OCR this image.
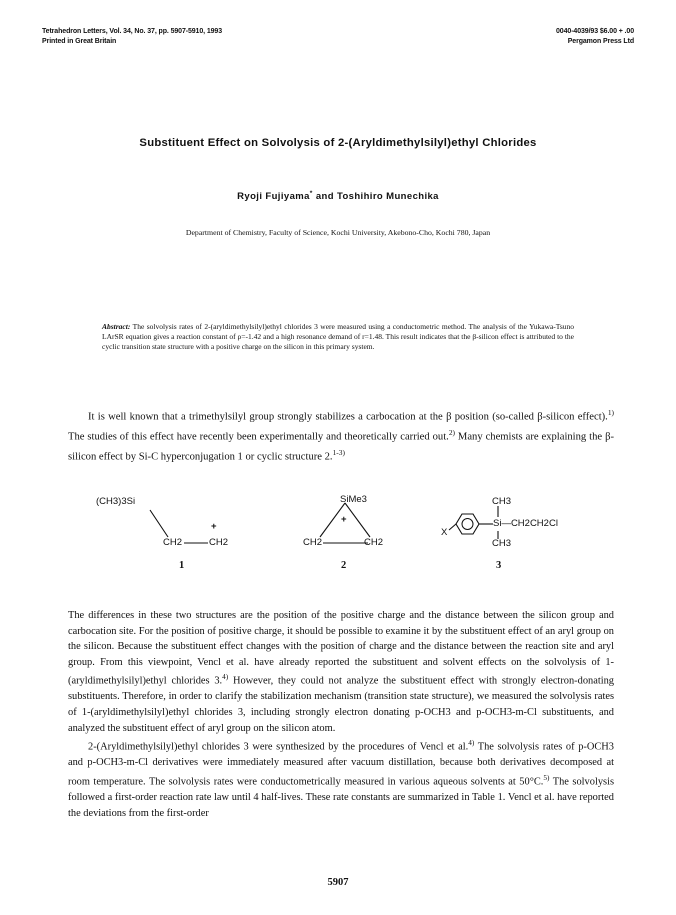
Tetrahedron Letters, Vol. 34, No. 37, pp. 5907-5910, 1993
Printed in Great Britain
0040-4039/93 $6.00 + .00
Pergamon Press Ltd
Substituent Effect on Solvolysis of 2-(Aryldimethylsilyl)ethyl Chlorides
Ryoji Fujiyama* and Toshihiro Munechika
Department of Chemistry, Faculty of Science, Kochi University, Akebono-Cho, Kochi 780, Japan
Abstract: The solvolysis rates of 2-(aryldimethylsilyl)ethyl chlorides 3 were measured using a conductometric method. The analysis of the Yukawa-Tsuno LArSR equation gives a reaction constant of ρ=-1.42 and a high resonance demand of r=1.48. This result indicates that the β-silicon effect is attributed to the cyclic transition state structure with a positive charge on the silicon in this primary system.

It is well known that a trimethylsilyl group strongly stabilizes a carbocation at the β position (so-called β-silicon effect).$^{1)}$ The studies of this effect have recently been experimentally and theoretically carried out.$^{2)}$ Many chemists are explaining the β-silicon effect by Si-C hyperconjugation 1 or cyclic structure 2.$^{1-3)}$

(CH3)3Si
+
CH2	CH2
1
SiMe3
+
CH2	CH2
2
CH3
Si—CH2CH2Cl
CH3
X
3

The differences in these two structures are the position of the positive charge and the distance between the silicon group and carbocation site. For the position of positive charge, it should be possible to examine it by the substituent effect of an aryl group on the silicon. Because the substituent effect changes with the position of charge and the distance between the reaction site and aryl group. From this viewpoint, Vencl et al. have already reported the substituent and solvent effects on the solvolysis of 1-(aryldimethylsilyl)ethyl chlorides 3.$^{4)}$ However, they could not analyze the substituent effect with strongly electron-donating substituents. Therefore, in order to clarify the stabilization mechanism (transition state structure), we measured the solvolysis rates of 1-(aryldimethylsilyl)ethyl chlorides 3, including strongly electron donating p-OCH3 and p-OCH3-m-Cl substituents, and analyzed the substituent effect of aryl group on the silicon atom.

2-(Aryldimethylsilyl)ethyl chlorides 3 were synthesized by the procedures of Vencl et al.$^{4)}$ The solvolysis rates of p-OCH3 and p-OCH3-m-Cl derivatives were immediately measured after vacuum distillation, because both derivatives decomposed at room temperature. The solvolysis rates were conductometrically measured in various aqueous solvents at 50°C.$^{5)}$ The solvolysis followed a first-order reaction rate law until 4 half-lives. These rate constants are summarized in Table 1. Vencl et al. have reported the deviations from the first-order

5907
